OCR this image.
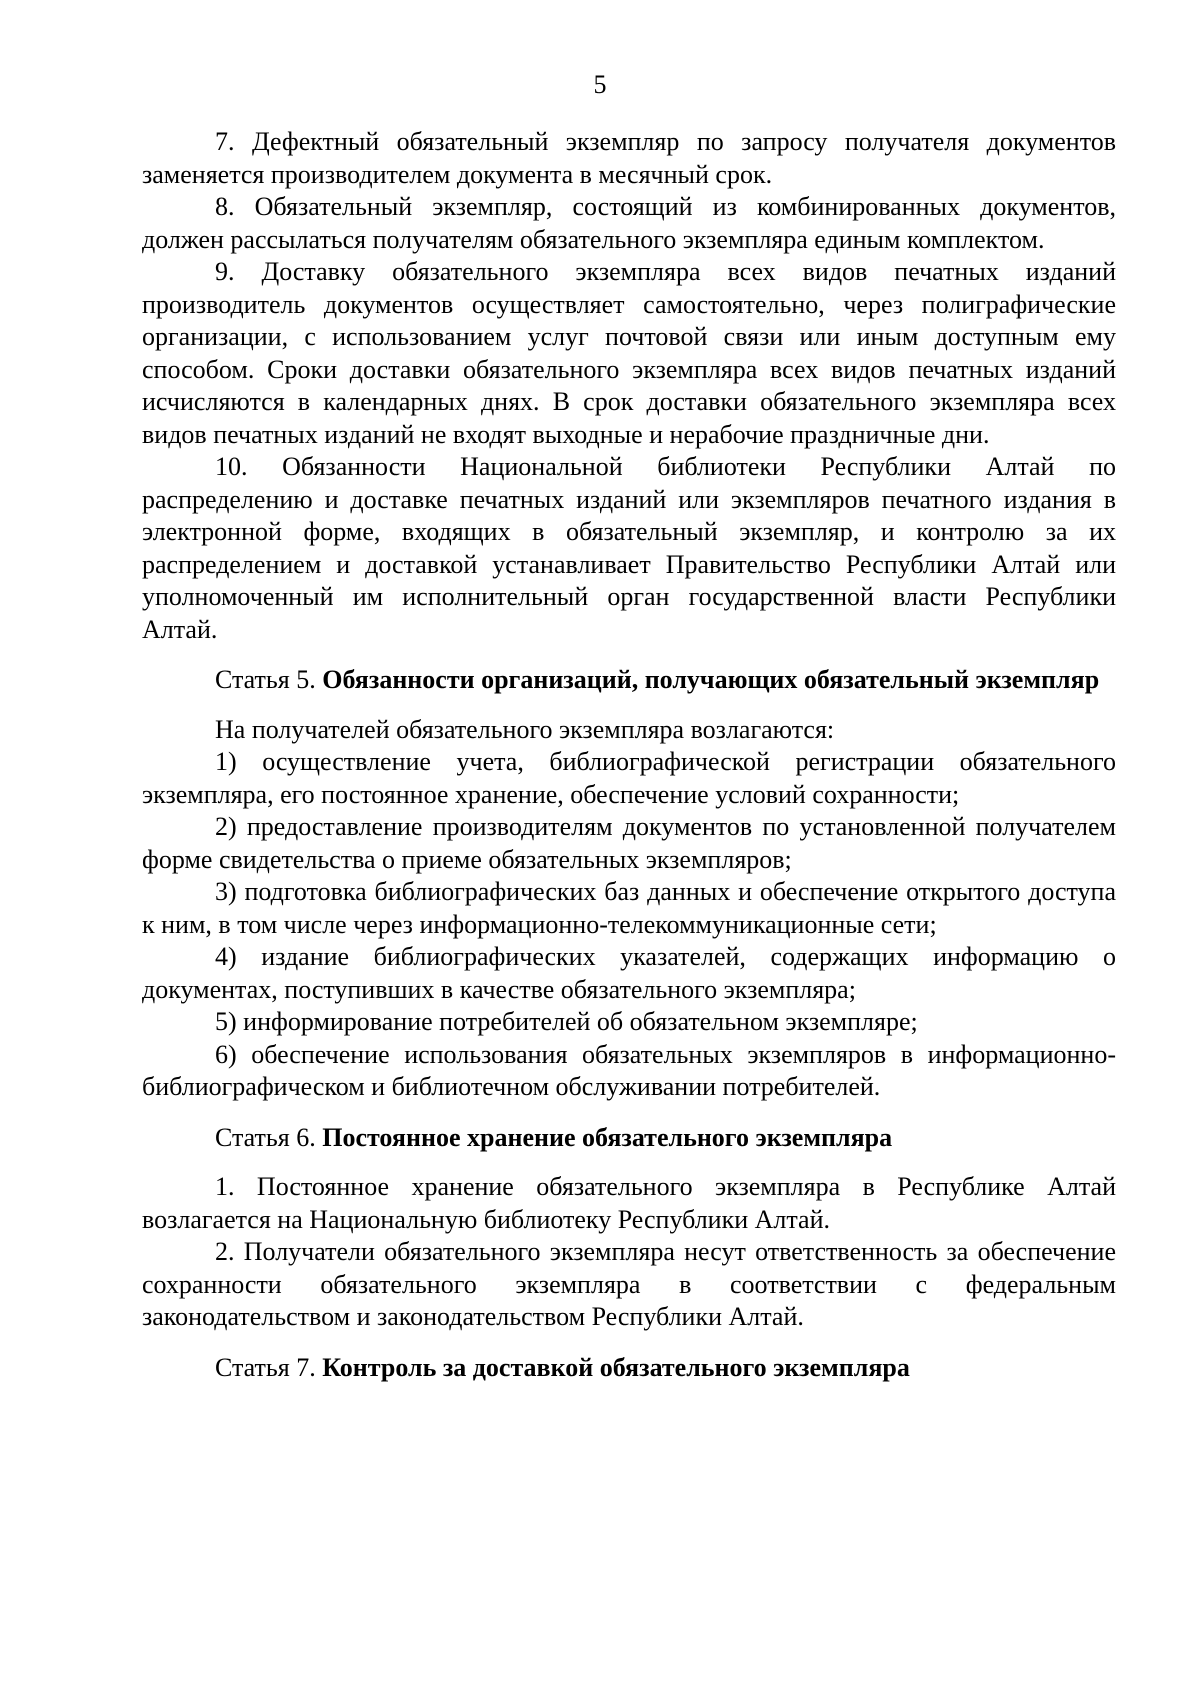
5

7. Дефектный обязательный экземпляр по запросу получателя документов заменяется производителем документа в месячный срок.

8. Обязательный экземпляр, состоящий из комбинированных документов, должен рассылаться получателям обязательного экземпляра единым комплектом.

9. Доставку обязательного экземпляра всех видов печатных изданий производитель документов осуществляет самостоятельно, через полиграфические организации, с использованием услуг почтовой связи или иным доступным ему способом. Сроки доставки обязательного экземпляра всех видов печатных изданий исчисляются в календарных днях. В срок доставки обязательного экземпляра всех видов печатных изданий не входят выходные и нерабочие праздничные дни.

10. Обязанности Национальной библиотеки Республики Алтай по распределению и доставке печатных изданий или экземпляров печатного издания в электронной форме, входящих в обязательный экземпляр, и контролю за их распределением и доставкой устанавливает Правительство Республики Алтай или уполномоченный им исполнительный орган государственной власти Республики Алтай.

Статья 5. Обязанности организаций, получающих обязательный экземпляр

На получателей обязательного экземпляра возлагаются:

1) осуществление учета, библиографической регистрации обязательного экземпляра, его постоянное хранение, обеспечение условий сохранности;

2) предоставление производителям документов по установленной получателем форме свидетельства о приеме обязательных экземпляров;

3) подготовка библиографических баз данных и обеспечение открытого доступа к ним, в том числе через информационно-телекоммуникационные сети;

4) издание библиографических указателей, содержащих информацию о документах, поступивших в качестве обязательного экземпляра;

5) информирование потребителей об обязательном экземпляре;

6) обеспечение использования обязательных экземпляров в информационно-библиографическом и библиотечном обслуживании потребителей.

Статья 6. Постоянное хранение обязательного экземпляра

1. Постоянное хранение обязательного экземпляра в Республике Алтай возлагается на Национальную библиотеку Республики Алтай.

2. Получатели обязательного экземпляра несут ответственность за обеспечение сохранности обязательного экземпляра в соответствии с федеральным законодательством и законодательством Республики Алтай.

Статья 7. Контроль за доставкой обязательного экземпляра
